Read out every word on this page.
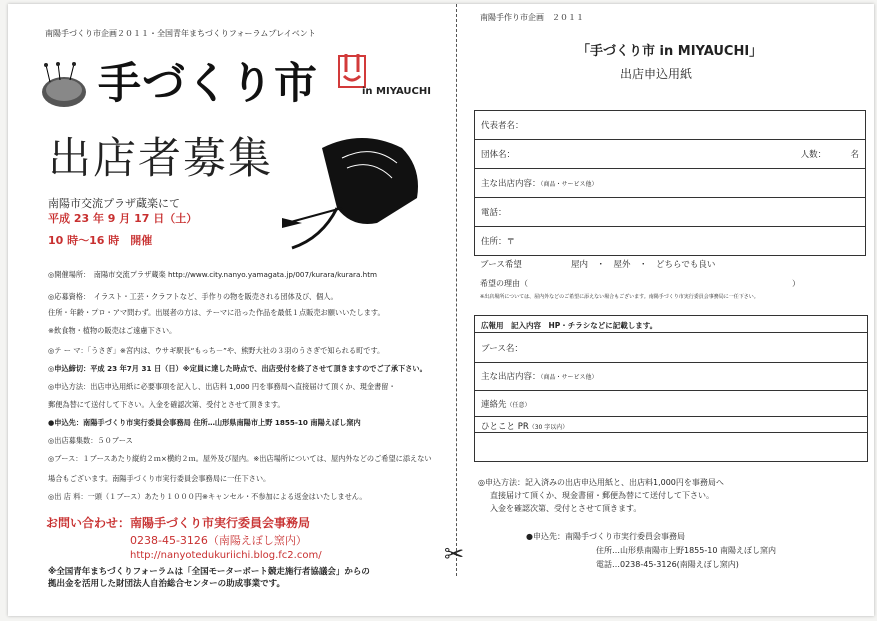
南陽手づくり市企画２０１１・全国青年まちづくりフォーラムプレイベント
手づくり市	in MIYAUCHI
出店者募集
南陽市交流プラザ蔵楽にて
平成 23 年 9 月 17 日（土）
10 時〜16 時　開催
◎開催場所：　南陽市交流プラザ蔵楽 http://www.city.nanyo.yamagata.jp/007/kurara/kurara.htm
◎応募資格：　イラスト・工芸・クラフトなど、手作りの物を販売される団体及び、個人。
住所・年齢・プロ・アマ問わず。出展者の方は、テーマに沿った作品を最低１点販売お願いいたします。
※飲食物・植物の販売はご遠慮下さい。
◎テ ー マ：「うさぎ」※宮内は、ウサギ駅長“もっち－”や、熊野大社の３羽のうさぎで知られる町です。
◎申込締切：平成 23 年7月 31 日（日）※定員に達した時点で、出店受付を終了させて頂きますのでご了承下さい。
◎申込方法：出店申込用紙に必要事項を記入し、出店料 1,000 円を事務局へ直接届けて頂くか、現金書留・
郵便為替にて送付して下さい。入金を確認次第、受付とさせて頂きます。
●申込先：南陽手づくり市実行委員会事務局 住所…山形県南陽市上野 1855-10 南陽えぼし窯内
◎出店募集数：５０ブース
◎ブース：１ブースあたり縦約２ｍ×横約２ｍ。屋外及び屋内。※出店場所については、屋内外などのご希望に添えない
場合もございます。南陽手づくり市実行委員会事務局に一任下さい。
◎出 店 料：一頭（１ブース）あたり１０００円※キャンセル・不参加による返金はいたしません。
お問い合わせ：南陽手づくり市実行委員会事務局
0238-45-3126（南陽えぼし窯内）
http://nanyotedukuriichi.blog.fc2.com/
※全国青年まちづくりフォーラムは「全国モーターボート競走施行者協議会」からの
拠出金を活用した財団法人自治総合センターの助成事業です。
南陽手作り市企画　２０１１
「手づくり市 in MIYAUCHI」
出店申込用紙
代表者名：
団体名：	人数：	名
主な出店内容：（商品・サービス他）
電話：
住所：〒
ブース希望	屋内　・　屋外　・　どちらでも良い
希望の理由（	）
※出店場所については、屋内外などのご希望に添えない場合もございます。南陽手づくり市実行委員会事務局に一任下さい。
広報用　記入内容　HP・チラシなどに記載します。
ブース名：
主な出店内容：（商品・サービス他）
連絡先（任意）
ひとこと PR（30 字以内）
◎申込方法：記入済みの出店申込用紙と、出店料1,000円を事務局へ
直接届けて頂くか、現金書留・郵便為替にて送付して下さい。
入金を確認次第、受付とさせて頂きます。
●申込先：南陽手づくり市実行委員会事務局
住所…山形県南陽市上野1855-10 南陽えぼし窯内
電話…0238-45-3126(南陽えぼし窯内)
✂
